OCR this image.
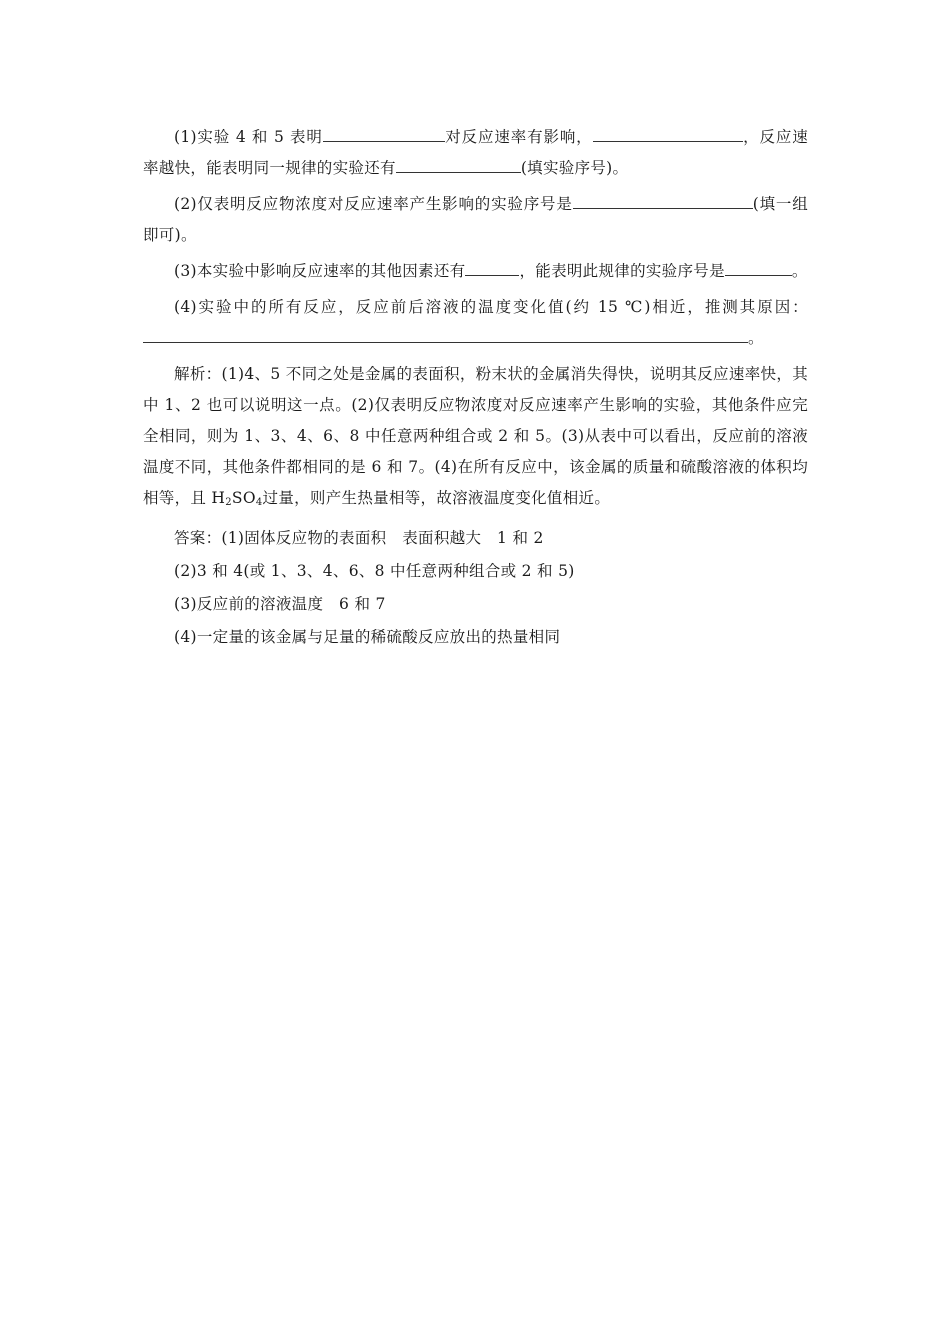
(1)实验 4 和 5 表明	对反应速率有影响，	，反应速率越快，能表明同一规律的实验还有	(填实验序号)。

(2)仅表明反应物浓度对反应速率产生影响的实验序号是	(填一组即可)。

(3)本实验中影响反应速率的其他因素还有	，能表明此规律的实验序号是	。

(4)实验中的所有反应，反应前后溶液的温度变化值(约 15 ℃)相近，推测其原因：。

解析：(1)4、5 不同之处是金属的表面积，粉末状的金属消失得快，说明其反应速率快，其中 1、2 也可以说明这一点。(2)仅表明反应物浓度对反应速率产生影响的实验，其他条件应完全相同，则为 1、3、4、6、8 中任意两种组合或 2 和 5。(3)从表中可以看出，反应前的溶液温度不同，其他条件都相同的是 6 和 7。(4)在所有反应中，该金属的质量和硫酸溶液的体积均相等，且 $H_2SO_4$过量，则产生热量相等，故溶液温度变化值相近。

答案：(1)固体反应物的表面积　表面积越大　1 和 2

(2)3 和 4(或 1、3、4、6、8 中任意两种组合或 2 和 5)

(3)反应前的溶液温度　6 和 7

(4)一定量的该金属与足量的稀硫酸反应放出的热量相同
